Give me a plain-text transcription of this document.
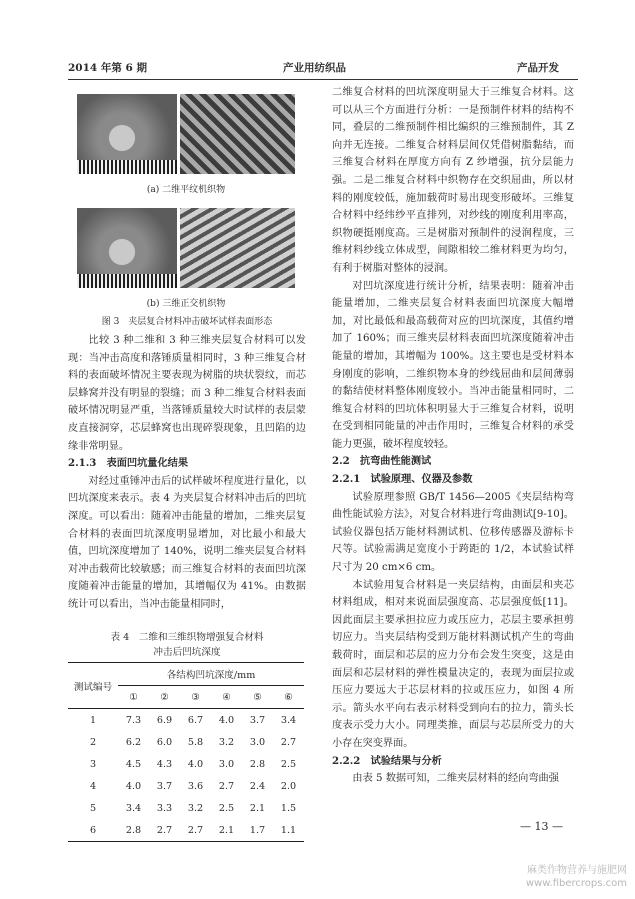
2014 年第 6 期	产业用纺织品	产品开发
(a) 二维平纹机织物
(b) 三维正交机织物
图 3　夹层复合材料冲击破坏试样表面形态

比较 3 种二维和 3 种三维夹层复合材料可以发现：当冲击高度和落锤质量相同时，3 种三维复合材料的表面破坏情况主要表现为树脂的块状裂纹，而芯层蜂窝并没有明显的裂缝；而 3 种二维复合材料表面破坏情况明显严重，当落锤质量较大时试样的表层蒙皮直接洞穿，芯层蜂窝也出现碎裂现象，且凹陷的边缘非常明显。

2.1.3　表面凹坑量化结果

对经过重锤冲击后的试样破坏程度进行量化，以凹坑深度来表示。表 4 为夹层复合材料冲击后的凹坑深度。可以看出：随着冲击能量的增加，二维夹层复合材料的表面凹坑深度明显增加，对比最小和最大值，凹坑深度增加了 140%，说明二维夹层复合材料对冲击载荷比较敏感；而三维复合材料的表面凹坑深度随着冲击能量的增加，其增幅仅为 41%。由数据统计可以看出，当冲击能量相同时，

表 4　二维和三维织物增强复合材料
冲击后凹坑深度
测试编号	各结构凹坑深度/mm					
	①	②	③	④	⑤	⑥
1	7.3	6.9	6.7	4.0	3.7	3.4
2	6.2	6.0	5.8	3.2	3.0	2.7
3	4.5	4.3	4.0	3.0	2.8	2.5
4	4.0	3.7	3.6	2.7	2.4	2.0
5	3.4	3.3	3.2	2.5	2.1	1.5
6	2.8	2.7	2.7	2.1	1.7	1.1

二维复合材料的凹坑深度明显大于三维复合材料。这可以从三个方面进行分析：一是预制件材料的结构不同，叠层的二维预制件相比编织的三维预制件，其 Z 向并无连接。二维复合材料层间仅凭借树脂黏结，而三维复合材料在厚度方向有 Z 纱增强，抗分层能力强。二是二维复合材料中织物存在交织屈曲，所以材料的刚度较低，施加载荷时易出现变形破坏。三维复合材料中经纬纱平直排列，对纱线的刚度利用率高，织物硬挺刚度高。三是树脂对预制件的浸润程度，三维材料纱线立体成型，间隙相较二维材料更为均匀，有利于树脂对整体的浸润。

对凹坑深度进行统计分析，结果表明：随着冲击能量增加，二维夹层复合材料表面凹坑深度大幅增加，对比最低和最高载荷对应的凹坑深度，其值约增加了 160%；而三维夹层材料表面凹坑深度随着冲击能量的增加，其增幅为 100%。这主要也是受材料本身刚度的影响，二维织物本身的纱线屈曲和层间薄弱的黏结使材料整体刚度较小。当冲击能量相同时，二维复合材料的凹坑体积明显大于三维复合材料，说明在受到相同能量的冲击作用时，三维复合材料的承受能力更强，破坏程度较轻。

2.2　抗弯曲性能测试

2.2.1　试验原理、仪器及参数

试验原理参照 GB/T 1456—2005《夹层结构弯曲性能试验方法》，对复合材料进行弯曲测试[9-10]。试验仪器包括万能材料测试机、位移传感器及游标卡尺等。试验需满足宽度小于跨距的 1/2，本试验试样尺寸为 20 cm×6 cm。

本试验用复合材料是一夹层结构，由面层和夹芯材料组成，相对来说面层强度高、芯层强度低[11]。因此面层主要承担拉应力或压应力，芯层主要承担剪切应力。当夹层结构受到万能材料测试机产生的弯曲载荷时，面层和芯层的应力分布会发生突变，这是由面层和芯层材料的弹性模量决定的，表现为面层拉或压应力要远大于芯层材料的拉或压应力，如图 4 所示。箭头水平向右表示材料受到向右的拉力，箭头长度表示受力大小。同理类推，面层与芯层所受力的大小存在突变界面。

2.2.2　试验结果与分析

由表 5 数据可知，二维夹层材料的经向弯曲强

— 13 —
麻类作物营养与施肥网
www.fibercrops.com
